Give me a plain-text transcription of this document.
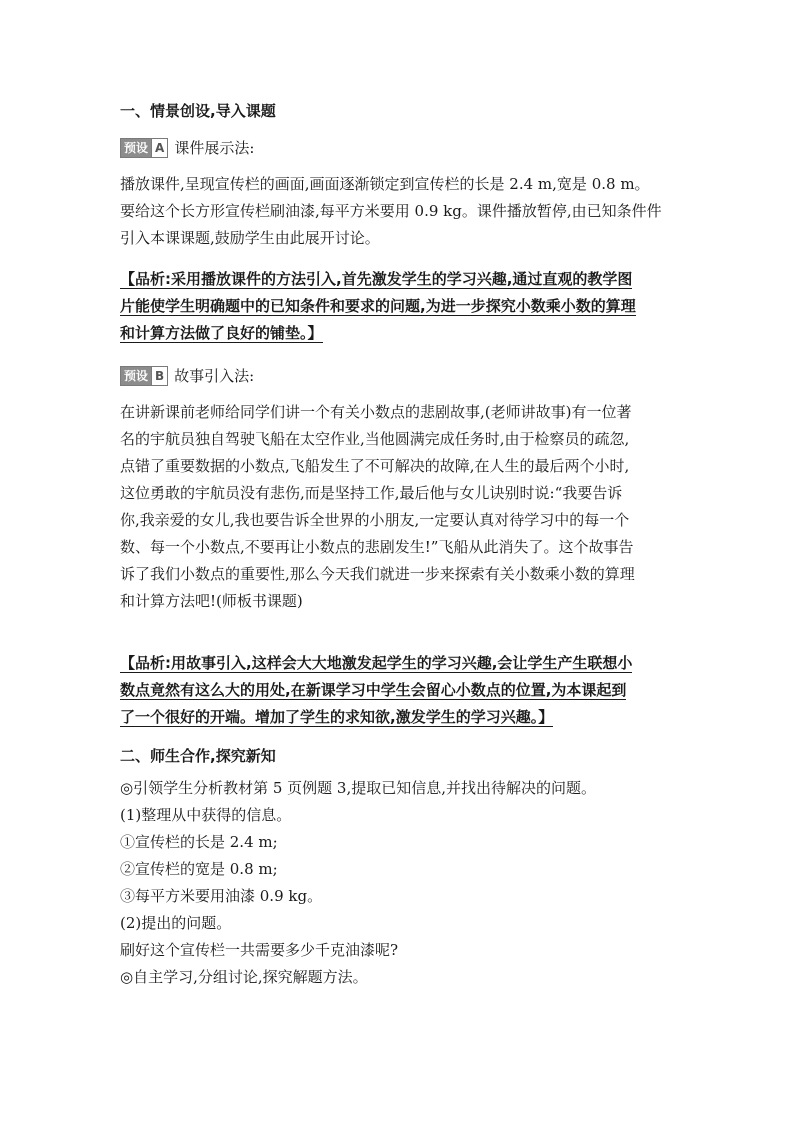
一、情景创设,导入课题
预设 A 课件展示法:
播放课件,呈现宣传栏的画面,画面逐渐锁定到宣传栏的长是 2.4 m,宽是 0.8 m。
要给这个长方形宣传栏刷油漆,每平方米要用 0.9 kg。课件播放暂停,由已知条件件
引入本课课题,鼓励学生由此展开讨论。
【品析:采用播放课件的方法引入,首先激发学生的学习兴趣,通过直观的教学图
片能使学生明确题中的已知条件和要求的问题,为进一步探究小数乘小数的算理
和计算方法做了良好的铺垫。】
预设 B 故事引入法:
在讲新课前老师给同学们讲一个有关小数点的悲剧故事,(老师讲故事)有一位著
名的宇航员独自驾驶飞船在太空作业,当他圆满完成任务时,由于检察员的疏忽,
点错了重要数据的小数点,飞船发生了不可解决的故障,在人生的最后两个小时,
这位勇敢的宇航员没有悲伤,而是坚持工作,最后他与女儿诀别时说:“我要告诉
你,我亲爱的女儿,我也要告诉全世界的小朋友,一定要认真对待学习中的每一个
数、每一个小数点,不要再让小数点的悲剧发生!”飞船从此消失了。这个故事告
诉了我们小数点的重要性,那么今天我们就进一步来探索有关小数乘小数的算理
和计算方法吧!(师板书课题)
【品析:用故事引入,这样会大大地激发起学生的学习兴趣,会让学生产生联想小
数点竟然有这么大的用处,在新课学习中学生会留心小数点的位置,为本课起到
了一个很好的开端。增加了学生的求知欲,激发学生的学习兴趣。】
二、师生合作,探究新知
◎引领学生分析教材第 5 页例题 3,提取已知信息,并找出待解决的问题。
(1)整理从中获得的信息。
①宣传栏的长是 2.4 m;
②宣传栏的宽是 0.8 m;
③每平方米要用油漆 0.9 kg。
(2)提出的问题。
刷好这个宣传栏一共需要多少千克油漆呢?
◎自主学习,分组讨论,探究解题方法。
